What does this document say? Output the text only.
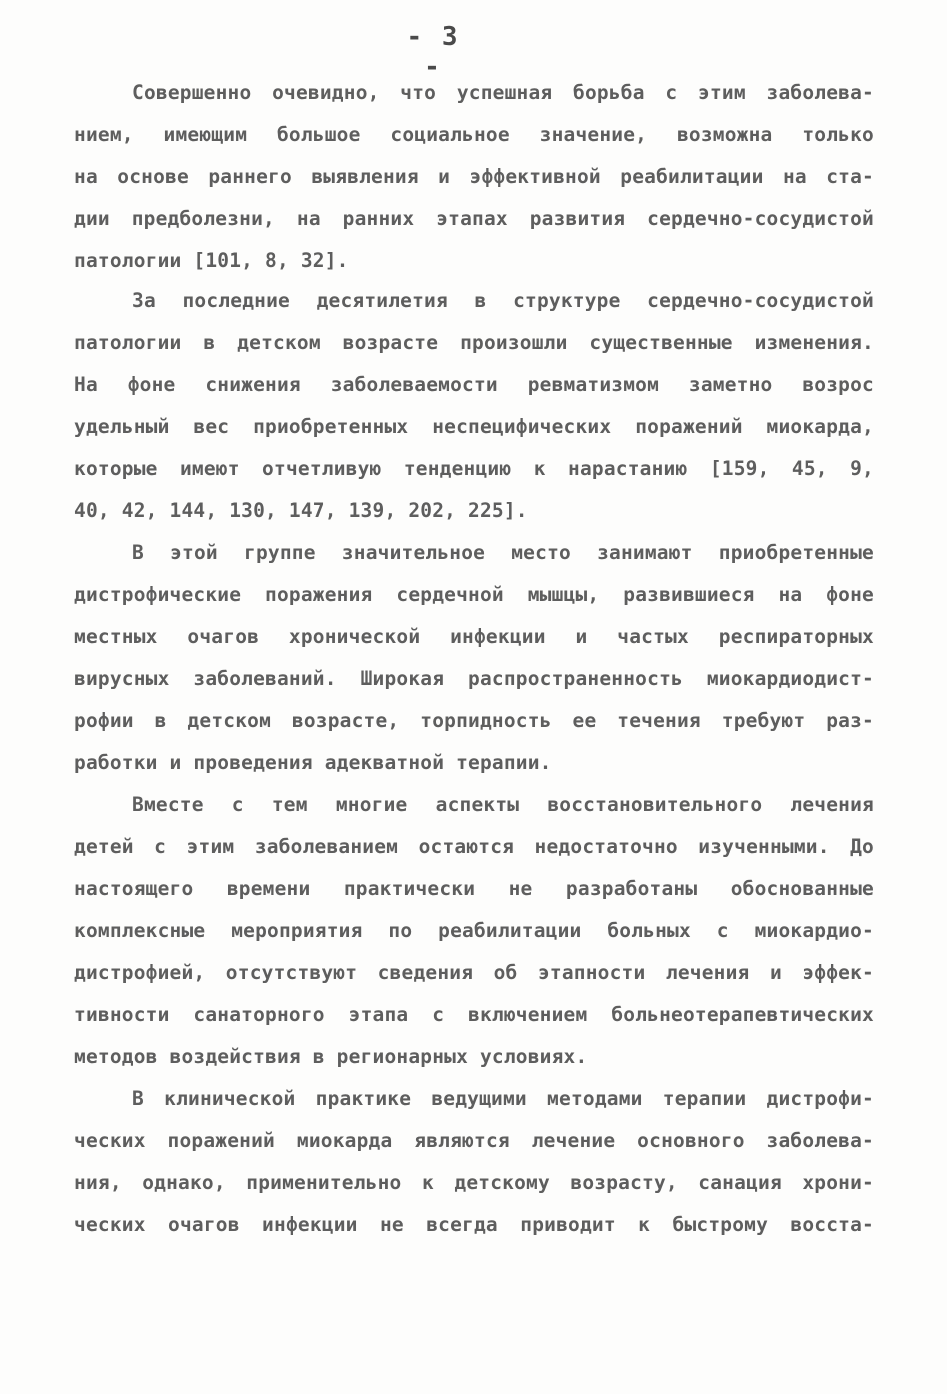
- 3 -
Совершенно очевидно, что успешная борьба с этим заболева-
нием, имеющим большое социальное значение, возможна только
на основе раннего выявления и эффективной реабилитации на ста-
дии предболезни, на ранних этапах развития сердечно-сосудистой
патологии [101, 8, 32].
За последние десятилетия в структуре сердечно-сосудистой
патологии в детском возрасте произошли существенные изменения.
На фоне снижения заболеваемости ревматизмом заметно возрос
удельный вес приобретенных неспецифических поражений миокарда,
которые имеют отчетливую тенденцию к нарастанию [159, 45, 9,
40, 42, 144, 130, 147, 139, 202, 225].
В этой группе значительное место занимают приобретенные
дистрофические поражения сердечной мышцы, развившиеся на фоне
местных очагов хронической инфекции и частых респираторных
вирусных заболеваний. Широкая распространенность миокардиодист-
рофии в детском возрасте, торпидность ее течения требуют раз-
работки и проведения адекватной терапии.
Вместе с тем многие аспекты восстановительного лечения
детей с этим заболеванием остаются недостаточно изученными. До
настоящего времени практически не разработаны обоснованные
комплексные мероприятия по реабилитации больных с миокардио-
дистрофией, отсутствуют сведения об этапности лечения и эффек-
тивности санаторного этапа с включением больнеотерапевтических
методов воздействия в регионарных условиях.
В клинической практике ведущими методами терапии дистрофи-
ческих поражений миокарда являются лечение основного заболева-
ния, однако, применительно к детскому возрасту, санация хрони-
ческих очагов инфекции не всегда приводит к быстрому восста-
